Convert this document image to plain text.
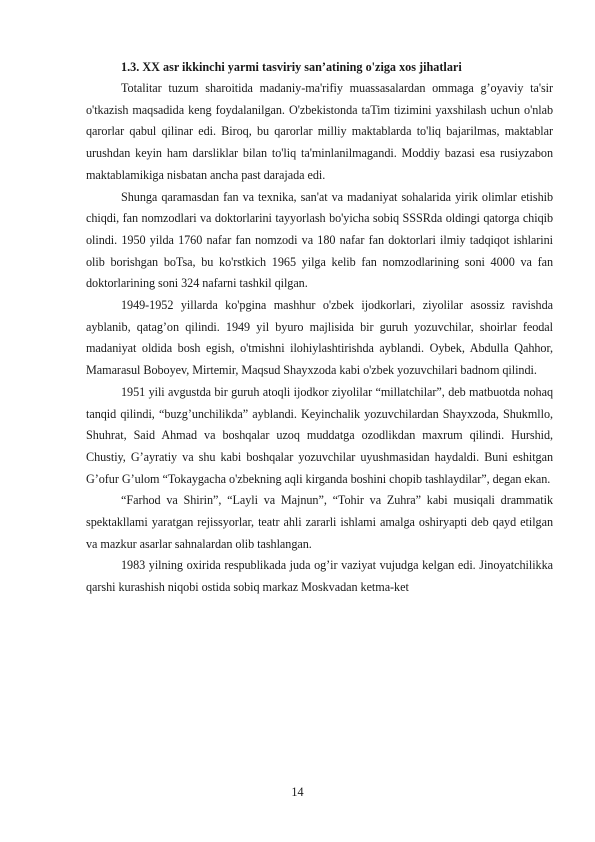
1.3. XX asr ikkinchi yarmi tasviriy san’atining o'ziga xos jihatlari

Totalitar tuzum sharoitida madaniy-ma'rifiy muassasalardan ommaga g’oyaviy ta'sir o'tkazish maqsadida keng foydalanilgan. O'zbekistonda taTim tizimini yaxshilash uchun o'nlab qarorlar qabul qilinar edi. Biroq, bu qarorlar milliy maktablarda to'liq bajarilmas, maktablar urushdan keyin ham darsliklar bilan to'liq ta'minlanilmagandi. Moddiy bazasi esa rusiyzabon maktablamikiga nisbatan ancha past darajada edi.

Shunga qaramasdan fan va texnika, san'at va madaniyat sohalarida yirik olimlar etishib chiqdi, fan nomzodlari va doktorlarini tayyorlash bo'yicha sobiq SSSRda oldingi qatorga chiqib olindi. 1950 yilda 1760 nafar fan nomzodi va 180 nafar fan doktorlari ilmiy tadqiqot ishlarini olib borishgan boTsa, bu ko'rstkich 1965 yilga kelib fan nomzodlarining soni 4000 va fan doktorlarining soni 324 nafarni tashkil qilgan.

1949-1952 yillarda ko'pgina mashhur o'zbek ijodkorlari, ziyolilar asossiz ravishda ayblanib, qatag’on qilindi. 1949 yil byuro majlisida bir guruh yozuvchilar, shoirlar feodal madaniyat oldida bosh egish, o'tmishni ilohiylashtirishda ayblandi. Oybek, Abdulla Qahhor, Mamarasul Boboyev, Mirtemir, Maqsud Shayxzoda kabi o'zbek yozuvchilari badnom qilindi.

1951 yili avgustda bir guruh atoqli ijodkor ziyolilar “millatchilar”, deb matbuotda nohaq tanqid qilindi, “buzg’unchilikda” ayblandi. Keyinchalik yozuvchilardan Shayxzoda, Shukmllo, Shuhrat, Said Ahmad va boshqalar uzoq muddatga ozodlikdan maxrum qilindi. Hurshid, Chustiy, G’ayratiy va shu kabi boshqalar yozuvchilar uyushmasidan haydaldi. Buni eshitgan G’ofur G’ulom “Tokaygacha o'zbekning aqli kirganda boshini chopib tashlaydilar”, degan ekan.

“Farhod va Shirin”, “Layli va Majnun”, “Tohir va Zuhra” kabi musiqali drammatik spektakllami yaratgan rejissyorlar, teatr ahli zararli ishlami amalga oshiryapti deb qayd etilgan va mazkur asarlar sahnalardan olib tashlangan.

1983 yilning oxirida respublikada juda og’ir vaziyat vujudga kelgan edi. Jinoyatchilikka qarshi kurashish niqobi ostida sobiq markaz Moskvadan ketma-ket

14
